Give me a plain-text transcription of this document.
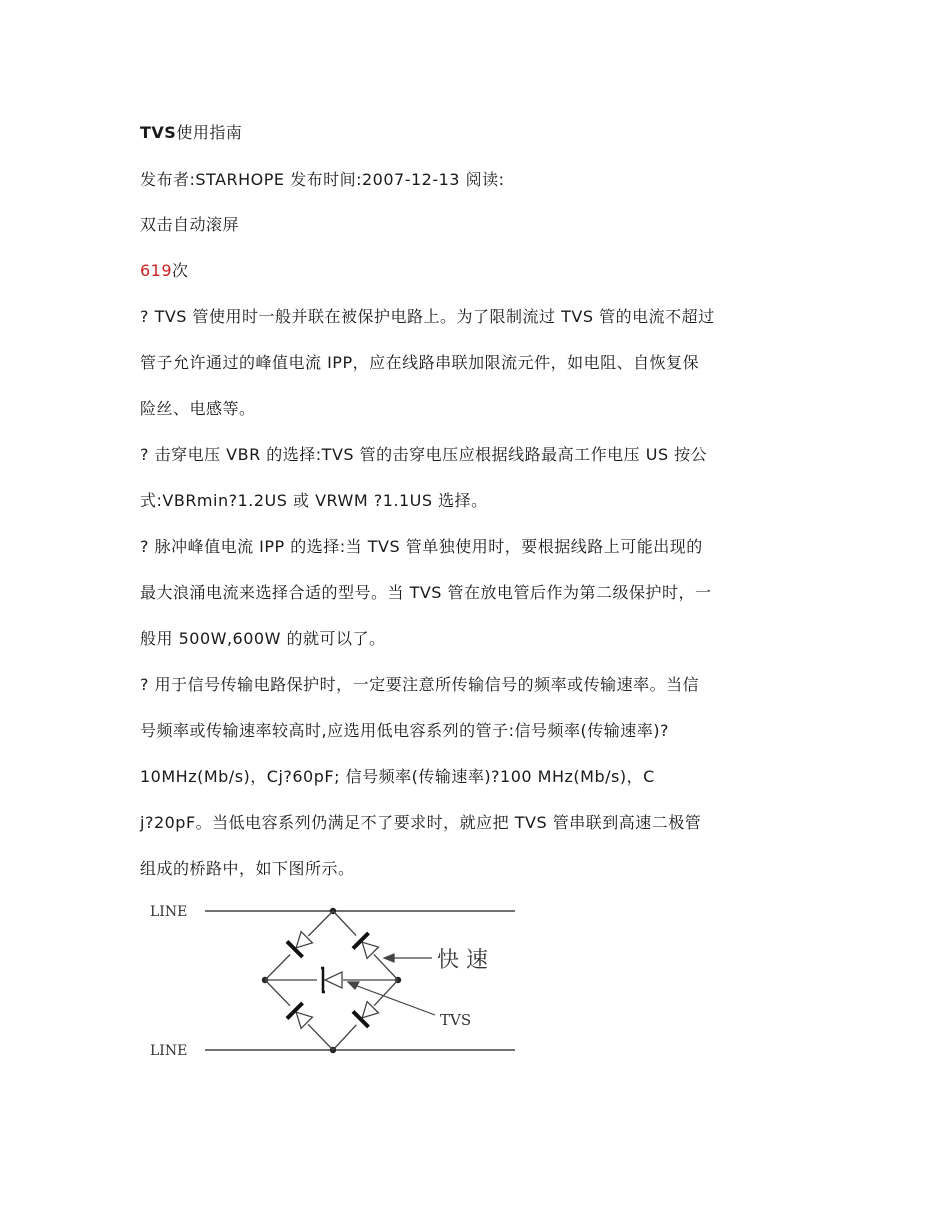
TVS使用指南
发布者:STARHOPE 发布时间:2007-12-13 阅读:
双击自动滚屏
619次
? TVS 管使用时一般并联在被保护电路上。为了限制流过 TVS 管的电流不超过
管子允许通过的峰值电流 IPP，应在线路串联加限流元件，如电阻、自恢复保
险丝、电感等。
? 击穿电压 VBR 的选择:TVS 管的击穿电压应根据线路最高工作电压 US 按公
式:VBRmin?1.2US 或 VRWM ?1.1US 选择。
? 脉冲峰值电流 IPP 的选择:当 TVS 管单独使用时，要根据线路上可能出现的
最大浪涌电流来选择合适的型号。当 TVS 管在放电管后作为第二级保护时，一
般用 500W,600W 的就可以了。
? 用于信号传输电路保护时，一定要注意所传输信号的频率或传输速率。当信
号频率或传输速率较高时,应选用低电容系列的管子:信号频率(传输速率)?
10MHz(Mb/s)，Cj?60pF; 信号频率(传输速率)?100 MHz(Mb/s)，C
j?20pF。当低电容系列仍满足不了要求时，就应把 TVS 管串联到高速二极管
组成的桥路中，如下图所示。
LINE
LINE
快 速
TVS
